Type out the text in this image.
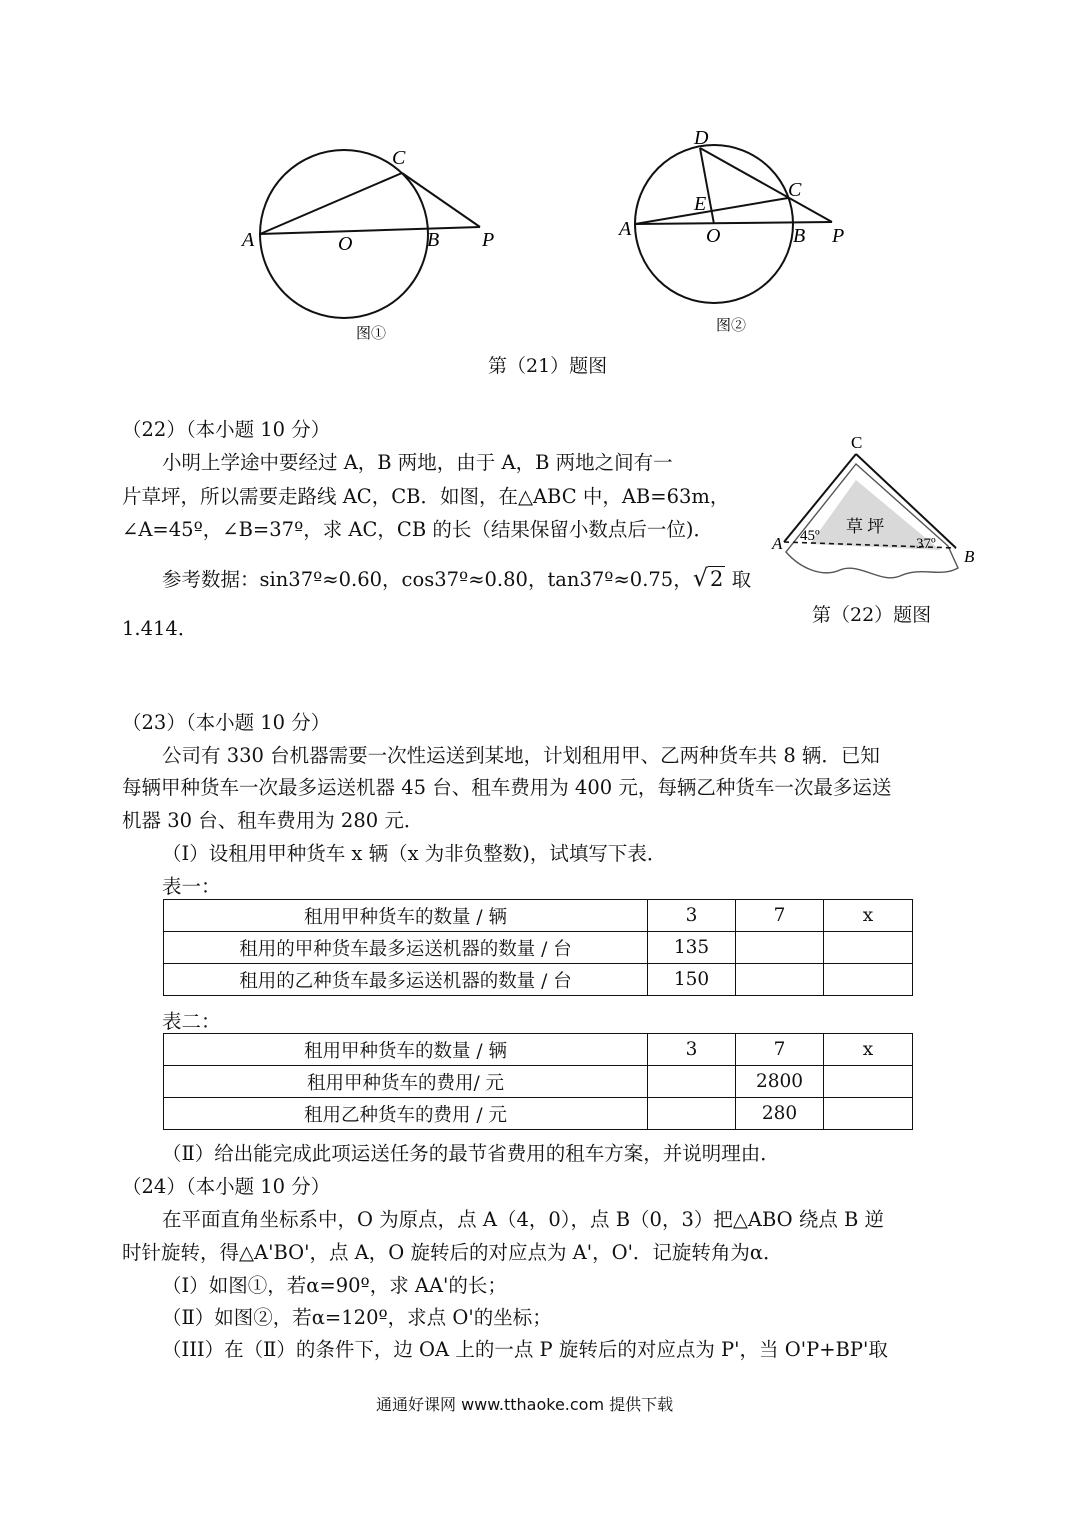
A	O	B P
C
图①
A	O	B P
C
D
E
图②
第（21）题图
（22）（本小题 10 分）
小明上学途中要经过 A，B 两地，由于 A，B 两地之间有一
片草坪，所以需要走路线 AC，CB．如图，在△ABC 中，AB=63m，
∠A=45º，∠B=37º，求 AC，CB 的长（结果保留小数点后一位)．
参考数据：sin37º≈0.60，cos37º≈0.80，tan37º≈0.75，√2 取
1.414．
C
A
B
45º	37º
草 坪
第（22）题图
（23）（本小题 10 分）
公司有 330 台机器需要一次性运送到某地，计划租用甲、乙两种货车共 8 辆．已知
每辆甲种货车一次最多运送机器 45 台、租车费用为 400 元，每辆乙种货车一次最多运送
机器 30 台、租车费用为 280 元．
（Ⅰ）设租用甲种货车 x 辆（x 为非负整数)，试填写下表．
表一：
租用甲种货车的数量 / 辆	3	7	x
租用的甲种货车最多运送机器的数量 / 台	135		
租用的乙种货车最多运送机器的数量 / 台	150		
表二：
租用甲种货车的数量 / 辆	3	7	x
租用甲种货车的费用/ 元		2800	
租用乙种货车的费用 / 元		280	
（Ⅱ）给出能完成此项运送任务的最节省费用的租车方案，并说明理由．
（24）（本小题 10 分）
在平面直角坐标系中，O 为原点，点 A（4，0），点 B（0，3）把△ABO 绕点 B 逆
时针旋转，得△A'BO'，点 A，O 旋转后的对应点为 A'，O'．记旋转角为α．
（Ⅰ）如图①，若α=90º，求 AA'的长；
（Ⅱ）如图②，若α=120º，求点 O'的坐标；
（III）在（Ⅱ）的条件下，边 OA 上的一点 P 旋转后的对应点为 P'，当 O'P+BP'取
通通好课网 www.tthaoke.com 提供下载
